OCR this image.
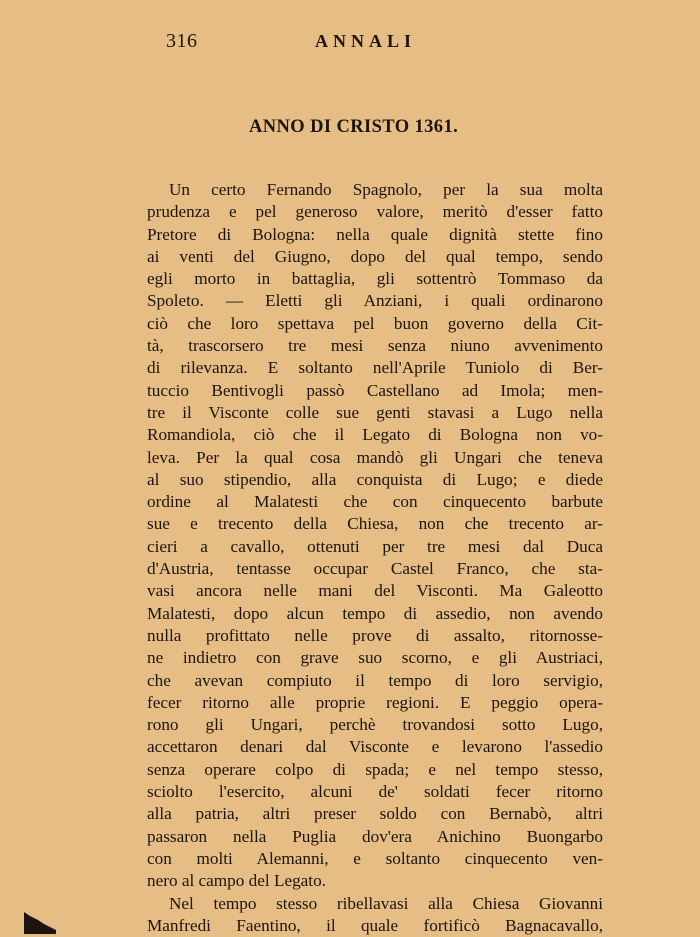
316	ANNALI
ANNO DI CRISTO 1361.
Un certo Fernando Spagnolo, per la sua molta
prudenza e pel generoso valore, meritò d'esser fatto
Pretore di Bologna: nella quale dignità stette fino
ai venti del Giugno, dopo del qual tempo, sendo
egli morto in battaglia, gli sottentrò Tommaso da
Spoleto. — Eletti gli Anziani, i quali ordinarono
ciò che loro spettava pel buon governo della Cit-
tà, trascorsero tre mesi senza niuno avvenimento
di rilevanza. E soltanto nell'Aprile Tuniolo di Ber-
tuccio Bentivogli passò Castellano ad Imola; men-
tre il Visconte colle sue genti stavasi a Lugo nella
Romandiola, ciò che il Legato di Bologna non vo-
leva. Per la qual cosa mandò gli Ungari che teneva
al suo stipendio, alla conquista di Lugo; e diede
ordine al Malatesti che con cinquecento barbute
sue e trecento della Chiesa, non che trecento ar-
cieri a cavallo, ottenuti per tre mesi dal Duca
d'Austria, tentasse occupar Castel Franco, che sta-
vasi ancora nelle mani del Visconti. Ma Galeotto
Malatesti, dopo alcun tempo di assedio, non avendo
nulla profittato nelle prove di assalto, ritornosse-
ne indietro con grave suo scorno, e gli Austriaci,
che avevan compiuto il tempo di loro servigio,
fecer ritorno alle proprie regioni. E peggio opera-
rono gli Ungari, perchè trovandosi sotto Lugo,
accettaron denari dal Visconte e levarono l'assedio
senza operare colpo di spada; e nel tempo stesso,
sciolto l'esercito, alcuni de' soldati fecer ritorno
alla patria, altri preser soldo con Bernabò, altri
passaron nella Puglia dov'era Anichino Buongarbo
con molti Alemanni, e soltanto cinquecento ven-
nero al campo del Legato.
Nel tempo stesso ribellavasi alla Chiesa Giovanni
Manfredi Faentino, il quale fortificò Bagnacavallo,
